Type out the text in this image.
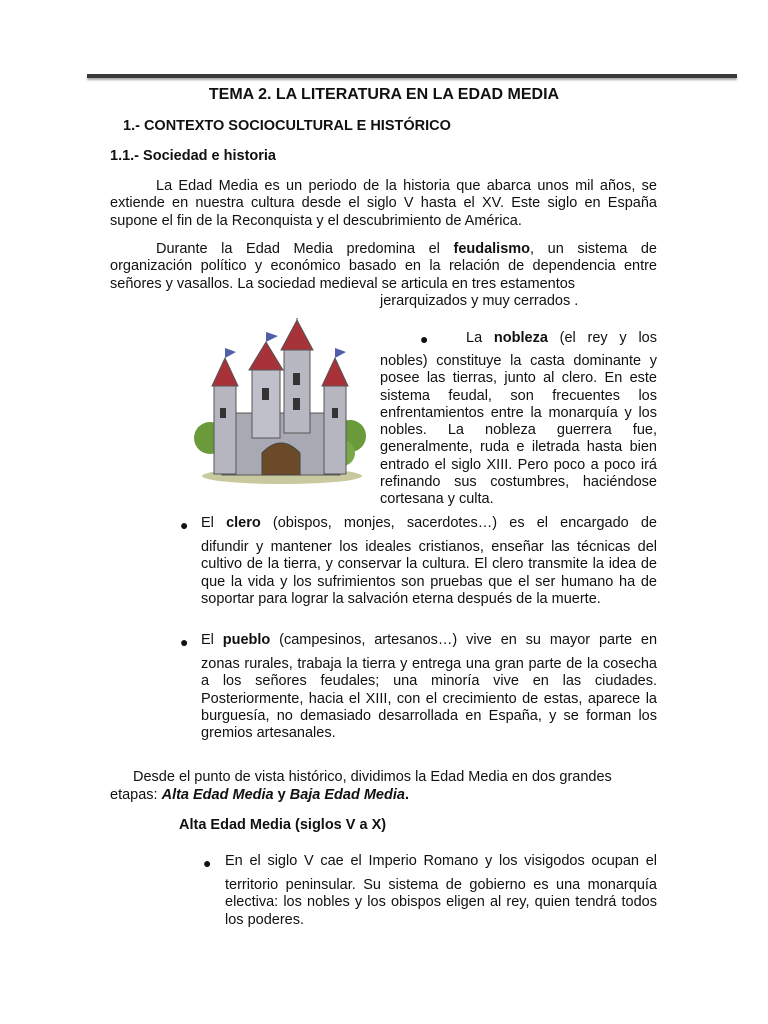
TEMA 2. LA LITERATURA EN LA EDAD MEDIA
1.- CONTEXTO SOCIOCULTURAL E HISTÓRICO
1.1.- Sociedad e historia
La Edad Media es un periodo de la historia que abarca unos mil años, se extiende en nuestra cultura desde el siglo V hasta el XV. Este siglo en España supone el fin de la Reconquista y el descubrimiento de América.
Durante la Edad Media predomina el feudalismo, un sistema de organización político y económico basado en la relación de dependencia entre señores y vasallos. La sociedad medieval se articula en tres estamentos
jerarquizados y muy cerrados .
●	La nobleza (el rey y los
nobles) constituye la casta dominante y posee las tierras, junto al clero. En este sistema feudal, son frecuentes los enfrentamientos entre la monarquía y los nobles. La nobleza guerrera fue, generalmente, ruda e iletrada hasta bien entrado el siglo XIII. Pero poco a poco irá refinando sus costumbres, haciéndose cortesana y culta.
● El clero (obispos, monjes, sacerdotes…) es el encargado de
difundir y mantener los ideales cristianos, enseñar las técnicas del cultivo de la tierra, y conservar la cultura. El clero transmite la idea de que la vida y los sufrimientos son pruebas que el ser humano ha de soportar para lograr la salvación eterna después de la muerte.
● El pueblo (campesinos, artesanos…) vive en su mayor parte en
zonas rurales, trabaja la tierra y entrega una gran parte de la cosecha a los señores feudales; una minoría vive en las ciudades. Posteriormente, hacia el XIII, con el crecimiento de estas, aparece la burguesía, no demasiado desarrollada en España, y se forman los gremios artesanales.
Desde el punto de vista histórico, dividimos la Edad Media en dos grandes
etapas: Alta Edad Media y Baja Edad Media.
Alta Edad Media (siglos V a X)
● En el siglo V cae el Imperio Romano y los visigodos ocupan el
territorio peninsular. Su sistema de gobierno es una monarquía electiva: los nobles y los obispos eligen al rey, quien tendrá todos los poderes.
